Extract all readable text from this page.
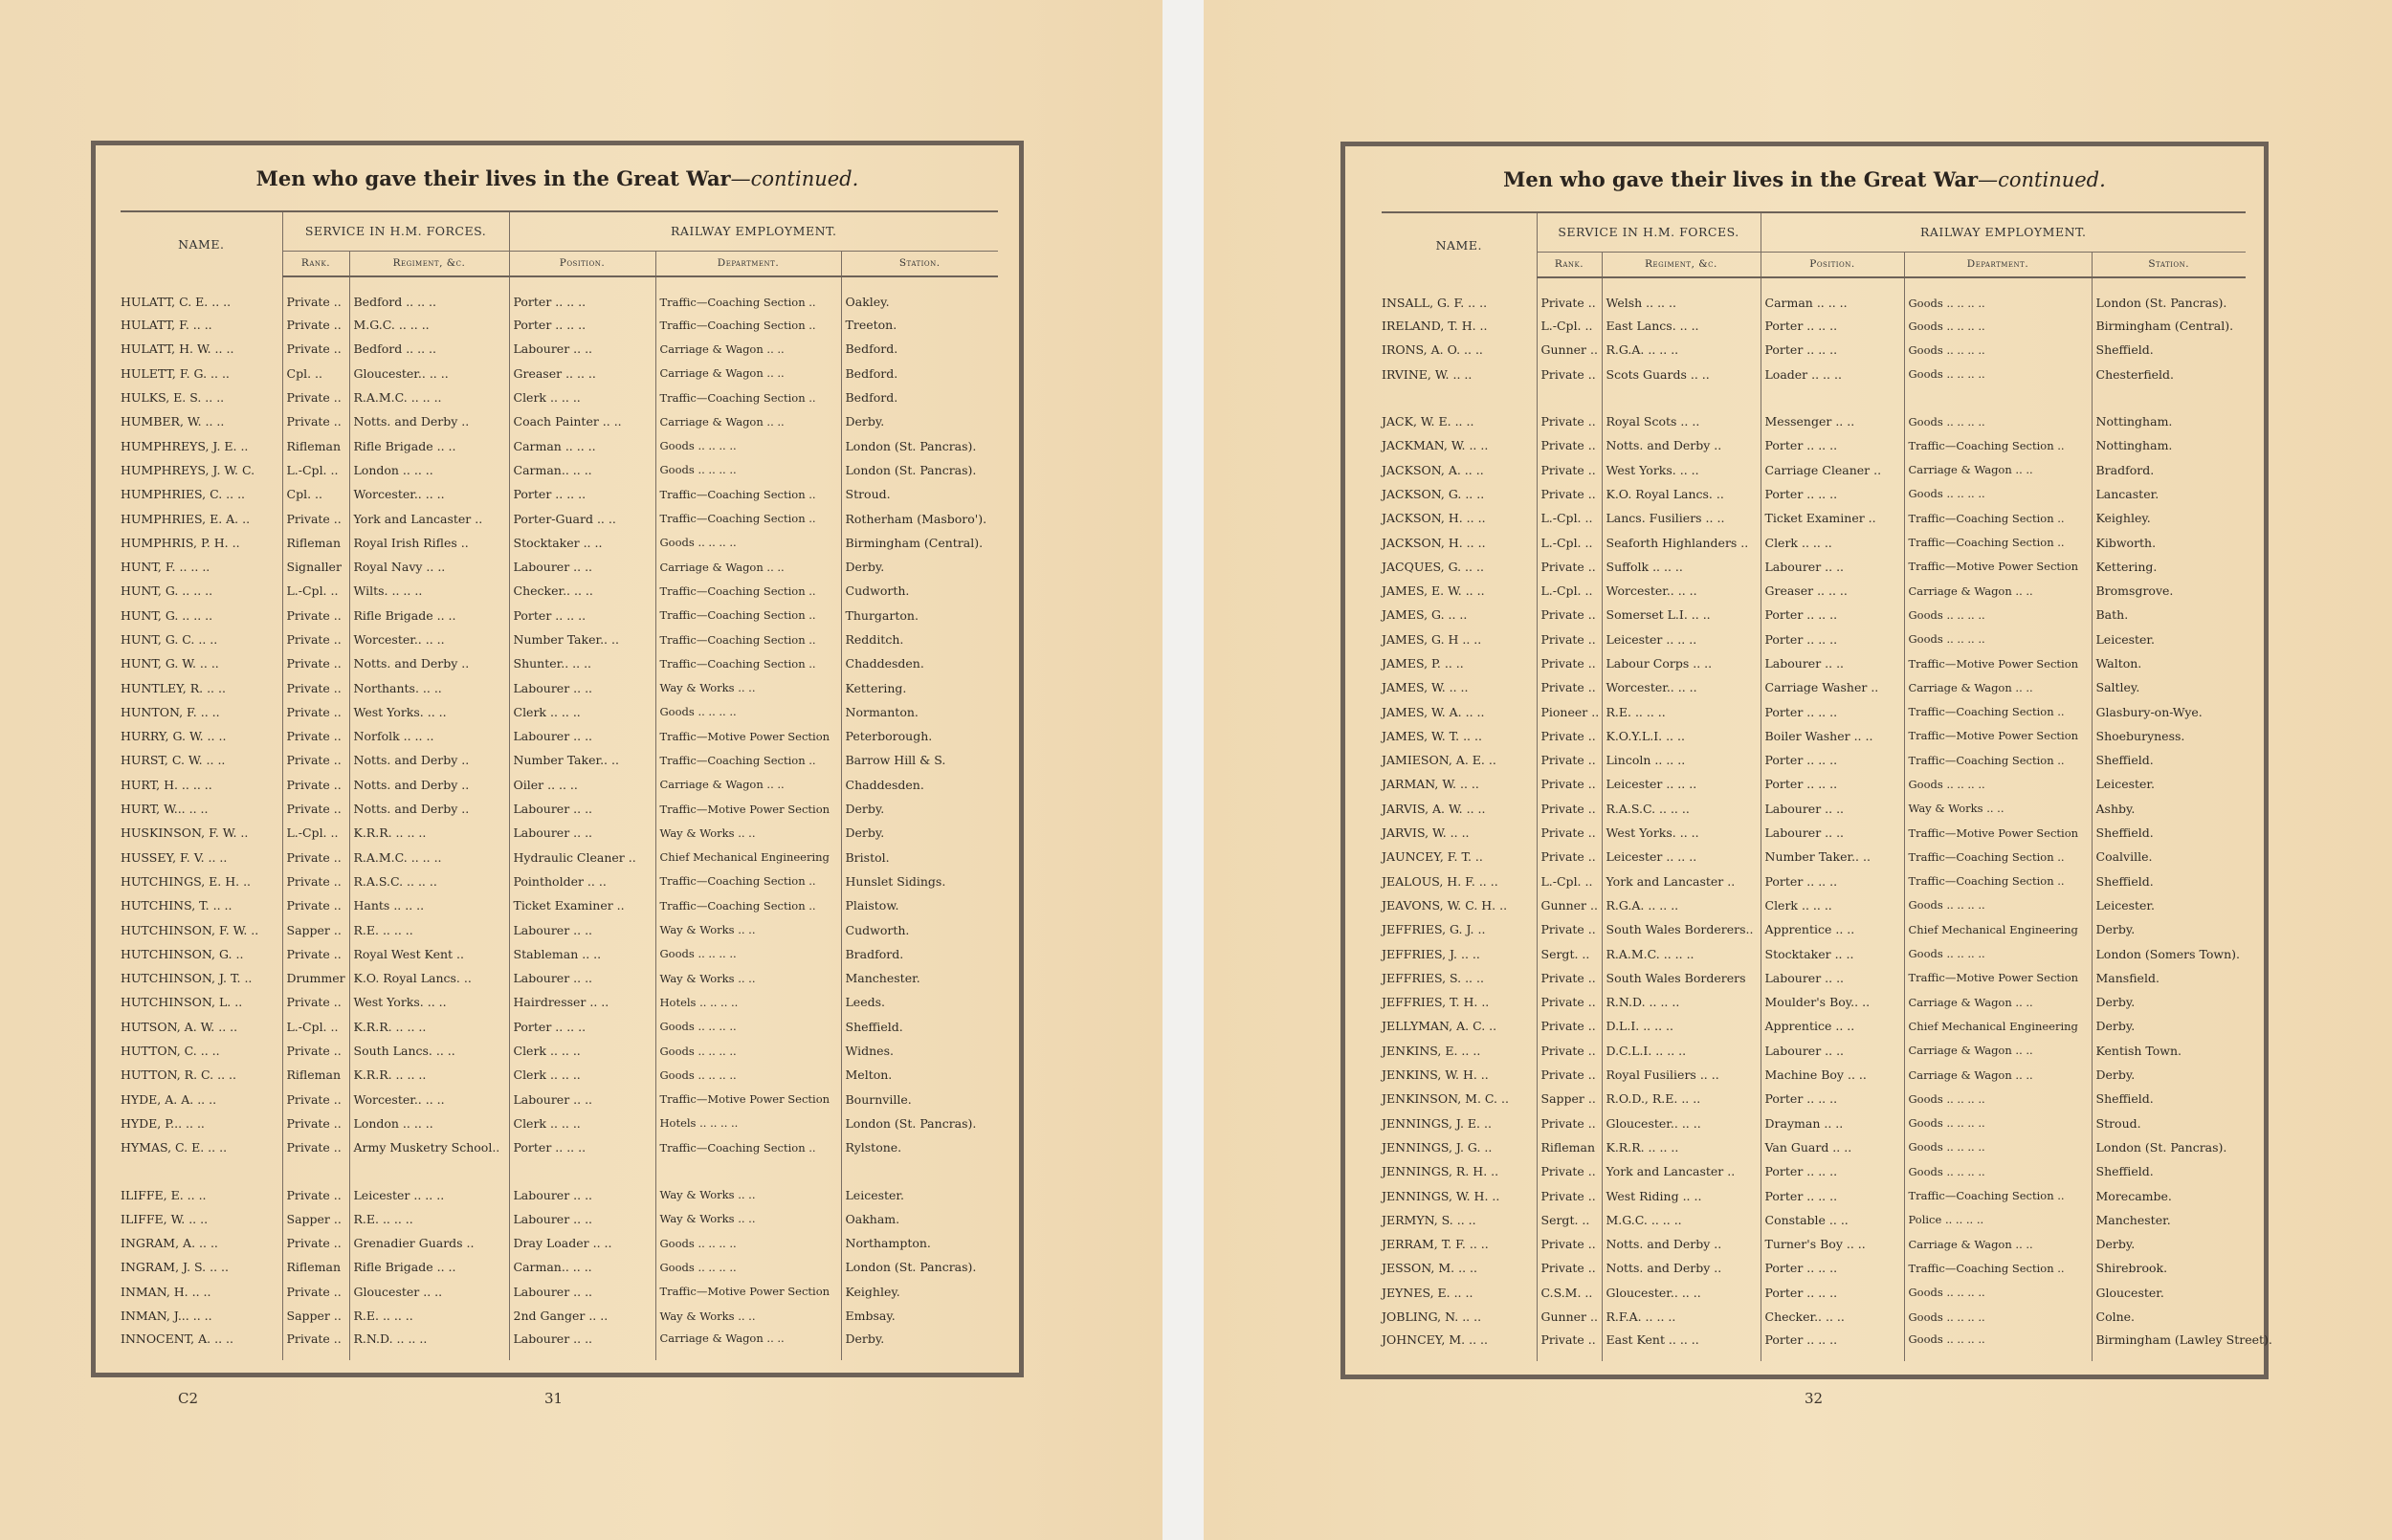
Men who gave their lives in the Great War—continued.
NAME.	SERVICE IN H.M. FORCES.		RAILWAY EMPLOYMENT.		
	Rank.	Regiment, &c.	Position.	Department.	Station.
HULATT, C. E. .. ..	Private ..	Bedford .. .. ..	Porter .. .. ..	Traffic—Coaching Section ..	Oakley.
HULATT, F. .. ..	Private ..	M.G.C. .. .. ..	Porter .. .. ..	Traffic—Coaching Section ..	Treeton.
HULATT, H. W. .. ..	Private ..	Bedford .. .. ..	Labourer .. ..	Carriage & Wagon .. ..	Bedford.
HULETT, F. G. .. ..	Cpl. ..	Gloucester.. .. ..	Greaser .. .. ..	Carriage & Wagon .. ..	Bedford.
HULKS, E. S. .. ..	Private ..	R.A.M.C. .. .. ..	Clerk .. .. ..	Traffic—Coaching Section ..	Bedford.
HUMBER, W. .. ..	Private ..	Notts. and Derby ..	Coach Painter .. ..	Carriage & Wagon .. ..	Derby.
HUMPHREYS, J. E. ..	Rifleman	Rifle Brigade .. ..	Carman .. .. ..	Goods .. .. .. ..	London (St. Pancras).
HUMPHREYS, J. W. C.	L.-Cpl. ..	London .. .. ..	Carman.. .. ..	Goods .. .. .. ..	London (St. Pancras).
HUMPHRIES, C. .. ..	Cpl. ..	Worcester.. .. ..	Porter .. .. ..	Traffic—Coaching Section ..	Stroud.
HUMPHRIES, E. A. ..	Private ..	York and Lancaster ..	Porter-Guard .. ..	Traffic—Coaching Section ..	Rotherham (Masboro').
HUMPHRIS, P. H. ..	Rifleman	Royal Irish Rifles ..	Stocktaker .. ..	Goods .. .. .. ..	Birmingham (Central).
HUNT, F. .. .. ..	Signaller	Royal Navy .. ..	Labourer .. ..	Carriage & Wagon .. ..	Derby.
HUNT, G. .. .. ..	L.-Cpl. ..	Wilts. .. .. ..	Checker.. .. ..	Traffic—Coaching Section ..	Cudworth.
HUNT, G. .. .. ..	Private ..	Rifle Brigade .. ..	Porter .. .. ..	Traffic—Coaching Section ..	Thurgarton.
HUNT, G. C. .. ..	Private ..	Worcester.. .. ..	Number Taker.. ..	Traffic—Coaching Section ..	Redditch.
HUNT, G. W. .. ..	Private ..	Notts. and Derby ..	Shunter.. .. ..	Traffic—Coaching Section ..	Chaddesden.
HUNTLEY, R. .. ..	Private ..	Northants. .. ..	Labourer .. ..	Way & Works .. ..	Kettering.
HUNTON, F. .. ..	Private ..	West Yorks. .. ..	Clerk .. .. ..	Goods .. .. .. ..	Normanton.
HURRY, G. W. .. ..	Private ..	Norfolk .. .. ..	Labourer .. ..	Traffic—Motive Power Section	Peterborough.
HURST, C. W. .. ..	Private ..	Notts. and Derby ..	Number Taker.. ..	Traffic—Coaching Section ..	Barrow Hill & S.
HURT, H. .. .. ..	Private ..	Notts. and Derby ..	Oiler .. .. ..	Carriage & Wagon .. ..	Chaddesden.
HURT, W... .. ..	Private ..	Notts. and Derby ..	Labourer .. ..	Traffic—Motive Power Section	Derby.
HUSKINSON, F. W. ..	L.-Cpl. ..	K.R.R. .. .. ..	Labourer .. ..	Way & Works .. ..	Derby.
HUSSEY, F. V. .. ..	Private ..	R.A.M.C. .. .. ..	Hydraulic Cleaner ..	Chief Mechanical Engineering	Bristol.
HUTCHINGS, E. H. ..	Private ..	R.A.S.C. .. .. ..	Pointholder .. ..	Traffic—Coaching Section ..	Hunslet Sidings.
HUTCHINS, T. .. ..	Private ..	Hants .. .. ..	Ticket Examiner ..	Traffic—Coaching Section ..	Plaistow.
HUTCHINSON, F. W. ..	Sapper ..	R.E. .. .. ..	Labourer .. ..	Way & Works .. ..	Cudworth.
HUTCHINSON, G. ..	Private ..	Royal West Kent ..	Stableman .. ..	Goods .. .. .. ..	Bradford.
HUTCHINSON, J. T. ..	Drummer	K.O. Royal Lancs. ..	Labourer .. ..	Way & Works .. ..	Manchester.
HUTCHINSON, L. ..	Private ..	West Yorks. .. ..	Hairdresser .. ..	Hotels .. .. .. ..	Leeds.
HUTSON, A. W. .. ..	L.-Cpl. ..	K.R.R. .. .. ..	Porter .. .. ..	Goods .. .. .. ..	Sheffield.
HUTTON, C. .. ..	Private ..	South Lancs. .. ..	Clerk .. .. ..	Goods .. .. .. ..	Widnes.
HUTTON, R. C. .. ..	Rifleman	K.R.R. .. .. ..	Clerk .. .. ..	Goods .. .. .. ..	Melton.
HYDE, A. A. .. ..	Private ..	Worcester.. .. ..	Labourer .. ..	Traffic—Motive Power Section	Bournville.
HYDE, P... .. ..	Private ..	London .. .. ..	Clerk .. .. ..	Hotels .. .. .. ..	London (St. Pancras).
HYMAS, C. E. .. ..	Private ..	Army Musketry School..	Porter .. .. ..	Traffic—Coaching Section ..	Rylstone.

ILIFFE, E. .. ..	Private ..	Leicester .. .. ..	Labourer .. ..	Way & Works .. ..	Leicester.
ILIFFE, W. .. ..	Sapper ..	R.E. .. .. ..	Labourer .. ..	Way & Works .. ..	Oakham.
INGRAM, A. .. ..	Private ..	Grenadier Guards ..	Dray Loader .. ..	Goods .. .. .. ..	Northampton.
INGRAM, J. S. .. ..	Rifleman	Rifle Brigade .. ..	Carman.. .. ..	Goods .. .. .. ..	London (St. Pancras).
INMAN, H. .. ..	Private ..	Gloucester .. ..	Labourer .. ..	Traffic—Motive Power Section	Keighley.
INMAN, J... .. ..	Sapper ..	R.E. .. .. ..	2nd Ganger .. ..	Way & Works .. ..	Embsay.
INNOCENT, A. .. ..	Private ..	R.N.D. .. .. ..	Labourer .. ..	Carriage & Wagon .. ..	Derby.
C2	31
Men who gave their lives in the Great War—continued.
NAME.	SERVICE IN H.M. FORCES.		RAILWAY EMPLOYMENT.		
	Rank.	Regiment, &c.	Position.	Department.	Station.
INSALL, G. F. .. ..	Private ..	Welsh .. .. ..	Carman .. .. ..	Goods .. .. .. ..	London (St. Pancras).
IRELAND, T. H. ..	L.-Cpl. ..	East Lancs. .. ..	Porter .. .. ..	Goods .. .. .. ..	Birmingham (Central).
IRONS, A. O. .. ..	Gunner ..	R.G.A. .. .. ..	Porter .. .. ..	Goods .. .. .. ..	Sheffield.
IRVINE, W. .. ..	Private ..	Scots Guards .. ..	Loader .. .. ..	Goods .. .. .. ..	Chesterfield.

JACK, W. E. .. ..	Private ..	Royal Scots .. ..	Messenger .. ..	Goods .. .. .. ..	Nottingham.
JACKMAN, W. .. ..	Private ..	Notts. and Derby ..	Porter .. .. ..	Traffic—Coaching Section ..	Nottingham.
JACKSON, A. .. ..	Private ..	West Yorks. .. ..	Carriage Cleaner ..	Carriage & Wagon .. ..	Bradford.
JACKSON, G. .. ..	Private ..	K.O. Royal Lancs. ..	Porter .. .. ..	Goods .. .. .. ..	Lancaster.
JACKSON, H. .. ..	L.-Cpl. ..	Lancs. Fusiliers .. ..	Ticket Examiner ..	Traffic—Coaching Section ..	Keighley.
JACKSON, H. .. ..	L.-Cpl. ..	Seaforth Highlanders ..	Clerk .. .. ..	Traffic—Coaching Section ..	Kibworth.
JACQUES, G. .. ..	Private ..	Suffolk .. .. ..	Labourer .. ..	Traffic—Motive Power Section	Kettering.
JAMES, E. W. .. ..	L.-Cpl. ..	Worcester.. .. ..	Greaser .. .. ..	Carriage & Wagon .. ..	Bromsgrove.
JAMES, G. .. ..	Private ..	Somerset L.I. .. ..	Porter .. .. ..	Goods .. .. .. ..	Bath.
JAMES, G. H .. ..	Private ..	Leicester .. .. ..	Porter .. .. ..	Goods .. .. .. ..	Leicester.
JAMES, P. .. ..	Private ..	Labour Corps .. ..	Labourer .. ..	Traffic—Motive Power Section	Walton.
JAMES, W. .. ..	Private ..	Worcester.. .. ..	Carriage Washer ..	Carriage & Wagon .. ..	Saltley.
JAMES, W. A. .. ..	Pioneer ..	R.E. .. .. ..	Porter .. .. ..	Traffic—Coaching Section ..	Glasbury-on-Wye.
JAMES, W. T. .. ..	Private ..	K.O.Y.L.I. .. ..	Boiler Washer .. ..	Traffic—Motive Power Section	Shoeburyness.
JAMIESON, A. E. ..	Private ..	Lincoln .. .. ..	Porter .. .. ..	Traffic—Coaching Section ..	Sheffield.
JARMAN, W. .. ..	Private ..	Leicester .. .. ..	Porter .. .. ..	Goods .. .. .. ..	Leicester.
JARVIS, A. W. .. ..	Private ..	R.A.S.C. .. .. ..	Labourer .. ..	Way & Works .. ..	Ashby.
JARVIS, W. .. ..	Private ..	West Yorks. .. ..	Labourer .. ..	Traffic—Motive Power Section	Sheffield.
JAUNCEY, F. T. ..	Private ..	Leicester .. .. ..	Number Taker.. ..	Traffic—Coaching Section ..	Coalville.
JEALOUS, H. F. .. ..	L.-Cpl. ..	York and Lancaster ..	Porter .. .. ..	Traffic—Coaching Section ..	Sheffield.
JEAVONS, W. C. H. ..	Gunner ..	R.G.A. .. .. ..	Clerk .. .. ..	Goods .. .. .. ..	Leicester.
JEFFRIES, G. J. ..	Private ..	South Wales Borderers..	Apprentice .. ..	Chief Mechanical Engineering	Derby.
JEFFRIES, J. .. ..	Sergt. ..	R.A.M.C. .. .. ..	Stocktaker .. ..	Goods .. .. .. ..	London (Somers Town).
JEFFRIES, S. .. ..	Private ..	South Wales Borderers	Labourer .. ..	Traffic—Motive Power Section	Mansfield.
JEFFRIES, T. H. ..	Private ..	R.N.D. .. .. ..	Moulder's Boy.. ..	Carriage & Wagon .. ..	Derby.
JELLYMAN, A. C. ..	Private ..	D.L.I. .. .. ..	Apprentice .. ..	Chief Mechanical Engineering	Derby.
JENKINS, E. .. ..	Private ..	D.C.L.I. .. .. ..	Labourer .. ..	Carriage & Wagon .. ..	Kentish Town.
JENKINS, W. H. ..	Private ..	Royal Fusiliers .. ..	Machine Boy .. ..	Carriage & Wagon .. ..	Derby.
JENKINSON, M. C. ..	Sapper ..	R.O.D., R.E. .. ..	Porter .. .. ..	Goods .. .. .. ..	Sheffield.
JENNINGS, J. E. ..	Private ..	Gloucester.. .. ..	Drayman .. ..	Goods .. .. .. ..	Stroud.
JENNINGS, J. G. ..	Rifleman	K.R.R. .. .. ..	Van Guard .. ..	Goods .. .. .. ..	London (St. Pancras).
JENNINGS, R. H. ..	Private ..	York and Lancaster ..	Porter .. .. ..	Goods .. .. .. ..	Sheffield.
JENNINGS, W. H. ..	Private ..	West Riding .. ..	Porter .. .. ..	Traffic—Coaching Section ..	Morecambe.
JERMYN, S. .. ..	Sergt. ..	M.G.C. .. .. ..	Constable .. ..	Police .. .. .. ..	Manchester.
JERRAM, T. F. .. ..	Private ..	Notts. and Derby ..	Turner's Boy .. ..	Carriage & Wagon .. ..	Derby.
JESSON, M. .. ..	Private ..	Notts. and Derby ..	Porter .. .. ..	Traffic—Coaching Section ..	Shirebrook.
JEYNES, E. .. ..	C.S.M. ..	Gloucester.. .. ..	Porter .. .. ..	Goods .. .. .. ..	Gloucester.
JOBLING, N. .. ..	Gunner ..	R.F.A. .. .. ..	Checker.. .. ..	Goods .. .. .. ..	Colne.
JOHNCEY, M. .. ..	Private ..	East Kent .. .. ..	Porter .. .. ..	Goods .. .. .. ..	Birmingham (Lawley Street).
32
